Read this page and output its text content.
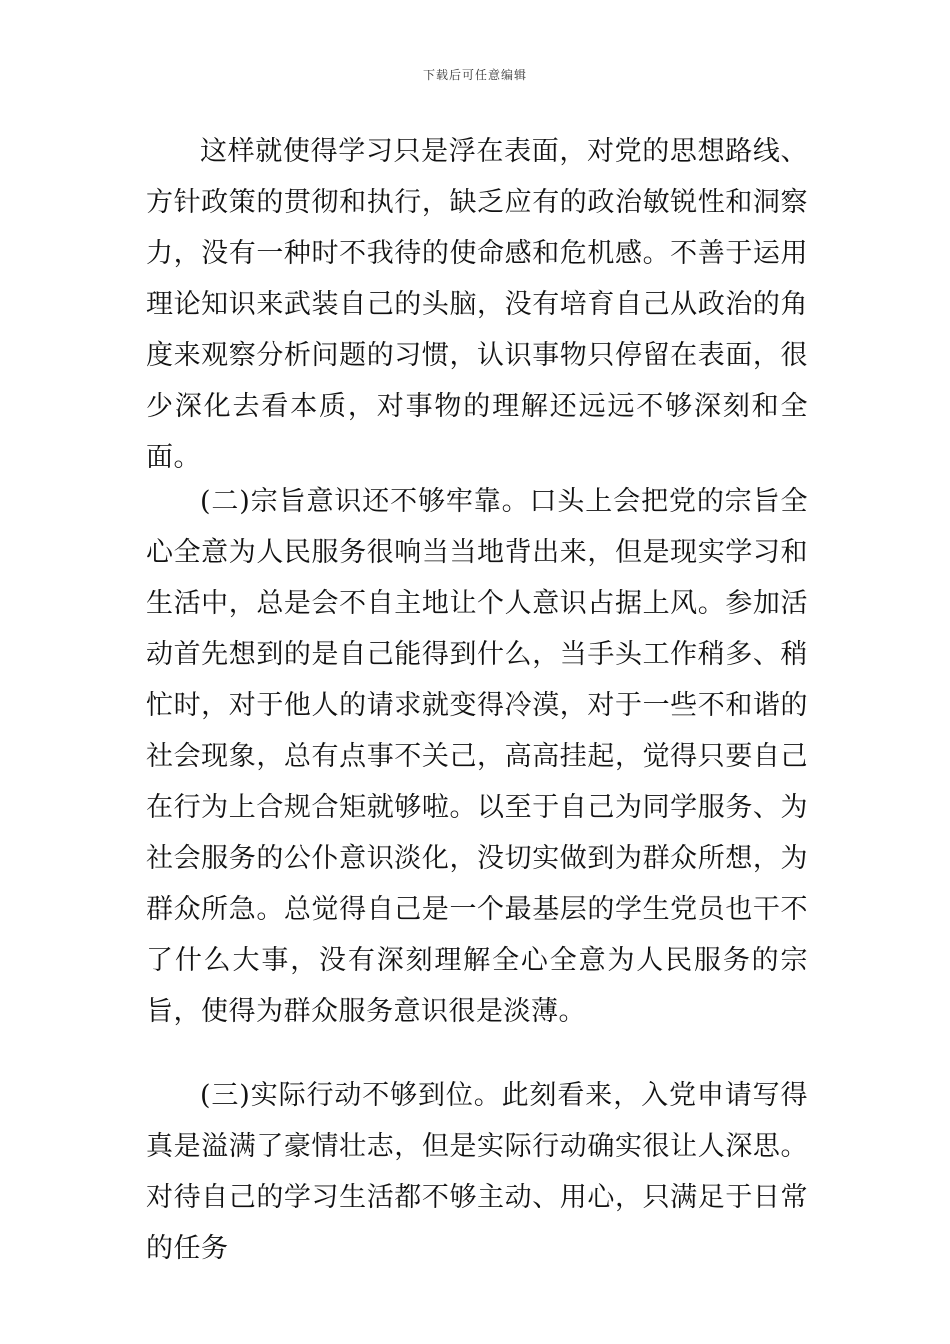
下载后可任意编辑

这样就使得学习只是浮在表面，对党的思想路线、方针政策的贯彻和执行，缺乏应有的政治敏锐性和洞察力，没有一种时不我待的使命感和危机感。不善于运用理论知识来武装自己的头脑，没有培育自己从政治的角度来观察分析问题的习惯，认识事物只停留在表面，很少深化去看本质，对事物的理解还远远不够深刻和全面。

(二)宗旨意识还不够牢靠。口头上会把党的宗旨全心全意为人民服务很响当当地背出来，但是现实学习和生活中，总是会不自主地让个人意识占据上风。参加活动首先想到的是自己能得到什么，当手头工作稍多、稍忙时，对于他人的请求就变得冷漠，对于一些不和谐的社会现象，总有点事不关己，高高挂起，觉得只要自己在行为上合规合矩就够啦。以至于自己为同学服务、为社会服务的公仆意识淡化，没切实做到为群众所想，为群众所急。总觉得自己是一个最基层的学生党员也干不了什么大事，没有深刻理解全心全意为人民服务的宗旨，使得为群众服务意识很是淡薄。

(三)实际行动不够到位。此刻看来，入党申请写得真是溢满了豪情壮志，但是实际行动确实很让人深思。对待自己的学习生活都不够主动、用心，只满足于日常的任务
